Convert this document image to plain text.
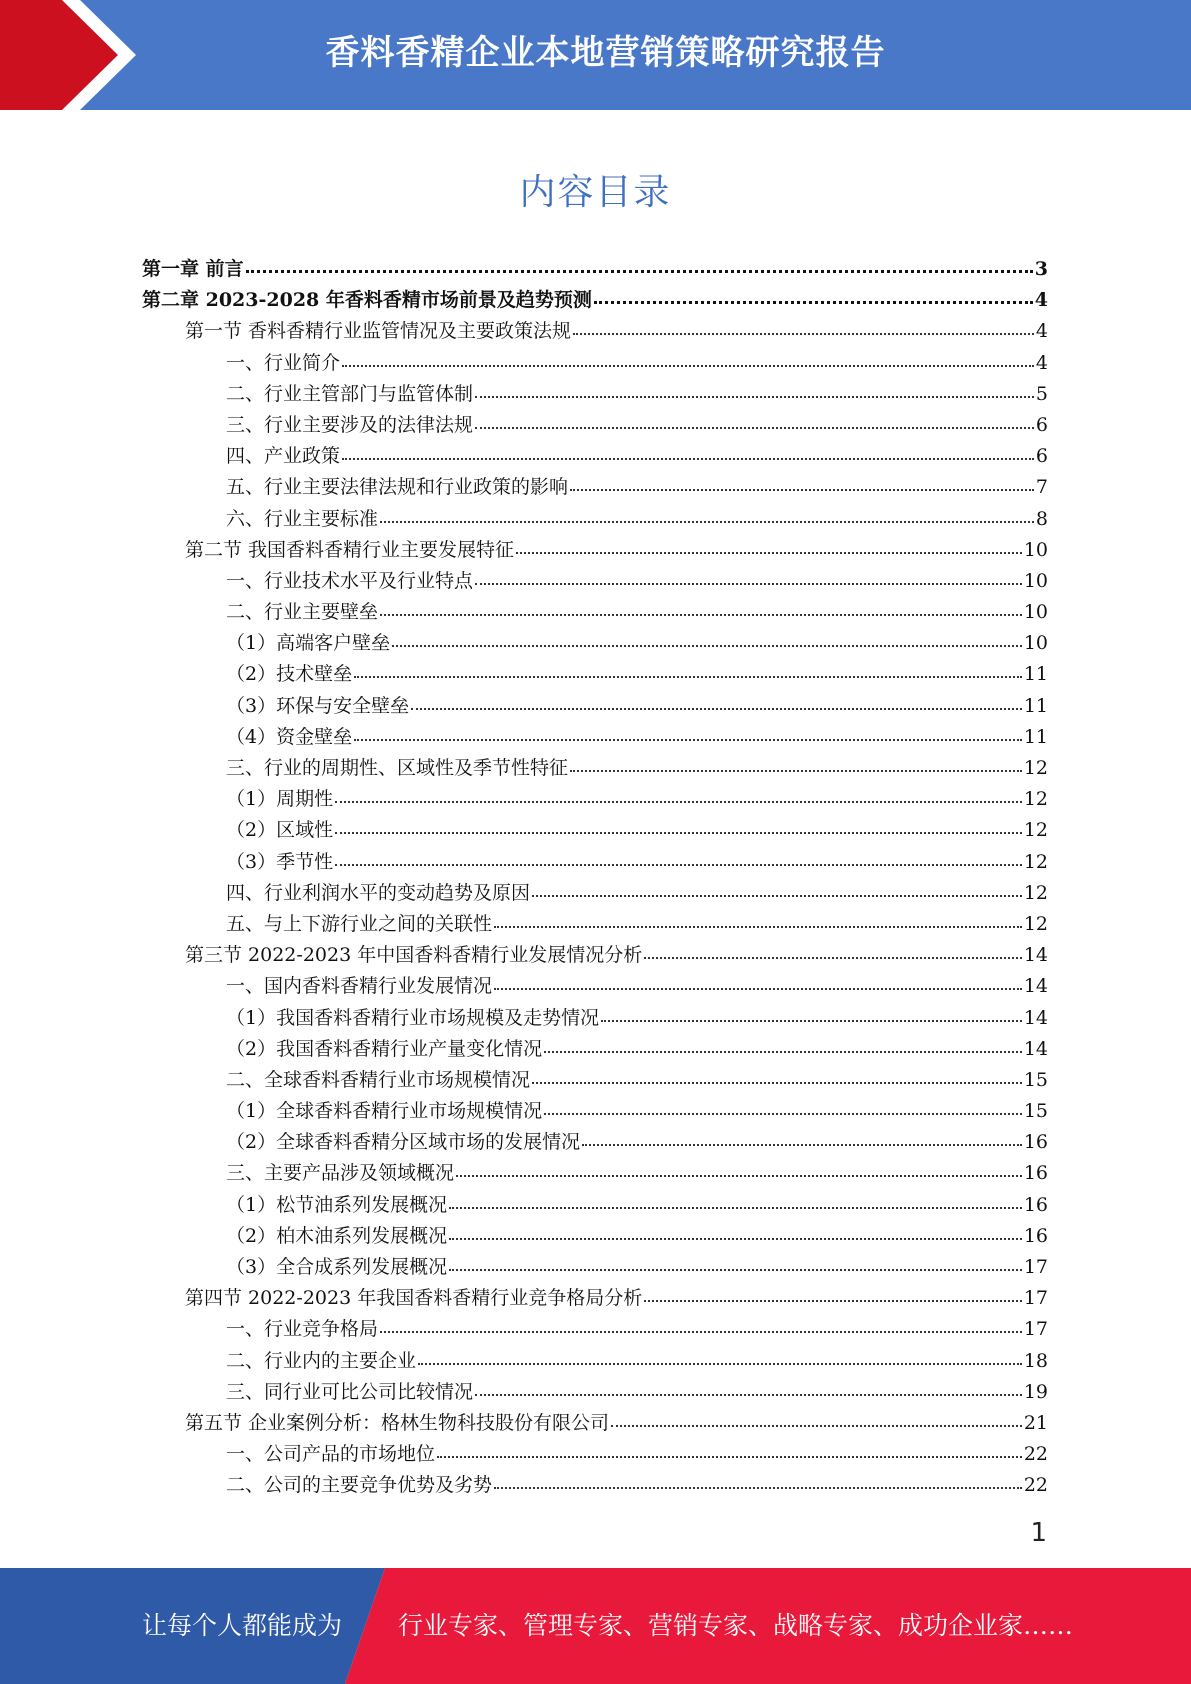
香料香精企业本地营销策略研究报告
内容目录
第一章 前言	3
第二章 2023-2028 年香料香精市场前景及趋势预测	4
第一节 香料香精行业监管情况及主要政策法规	4
一、行业简介	4
二、行业主管部门与监管体制	5
三、行业主要涉及的法律法规	6
四、产业政策	6
五、行业主要法律法规和行业政策的影响	7
六、行业主要标准	8
第二节 我国香料香精行业主要发展特征	10
一、行业技术水平及行业特点	10
二、行业主要壁垒	10
（1）高端客户壁垒	10
（2）技术壁垒	11
（3）环保与安全壁垒	11
（4）资金壁垒	11
三、行业的周期性、区域性及季节性特征	12
（1）周期性	12
（2）区域性	12
（3）季节性	12
四、行业利润水平的变动趋势及原因	12
五、与上下游行业之间的关联性	12
第三节 2022-2023 年中国香料香精行业发展情况分析	14
一、国内香料香精行业发展情况	14
（1）我国香料香精行业市场规模及走势情况	14
（2）我国香料香精行业产量变化情况	14
二、全球香料香精行业市场规模情况	15
（1）全球香料香精行业市场规模情况	15
（2）全球香料香精分区域市场的发展情况	16
三、主要产品涉及领域概况	16
（1）松节油系列发展概况	16
（2）柏木油系列发展概况	16
（3）全合成系列发展概况	17
第四节 2022-2023 年我国香料香精行业竞争格局分析	17
一、行业竞争格局	17
二、行业内的主要企业	18
三、同行业可比公司比较情况	19
第五节 企业案例分析：格林生物科技股份有限公司	21
一、公司产品的市场地位	22
二、公司的主要竞争优势及劣势	22
1
让每个人都能成为 行业专家、管理专家、营销专家、战略专家、成功企业家……
